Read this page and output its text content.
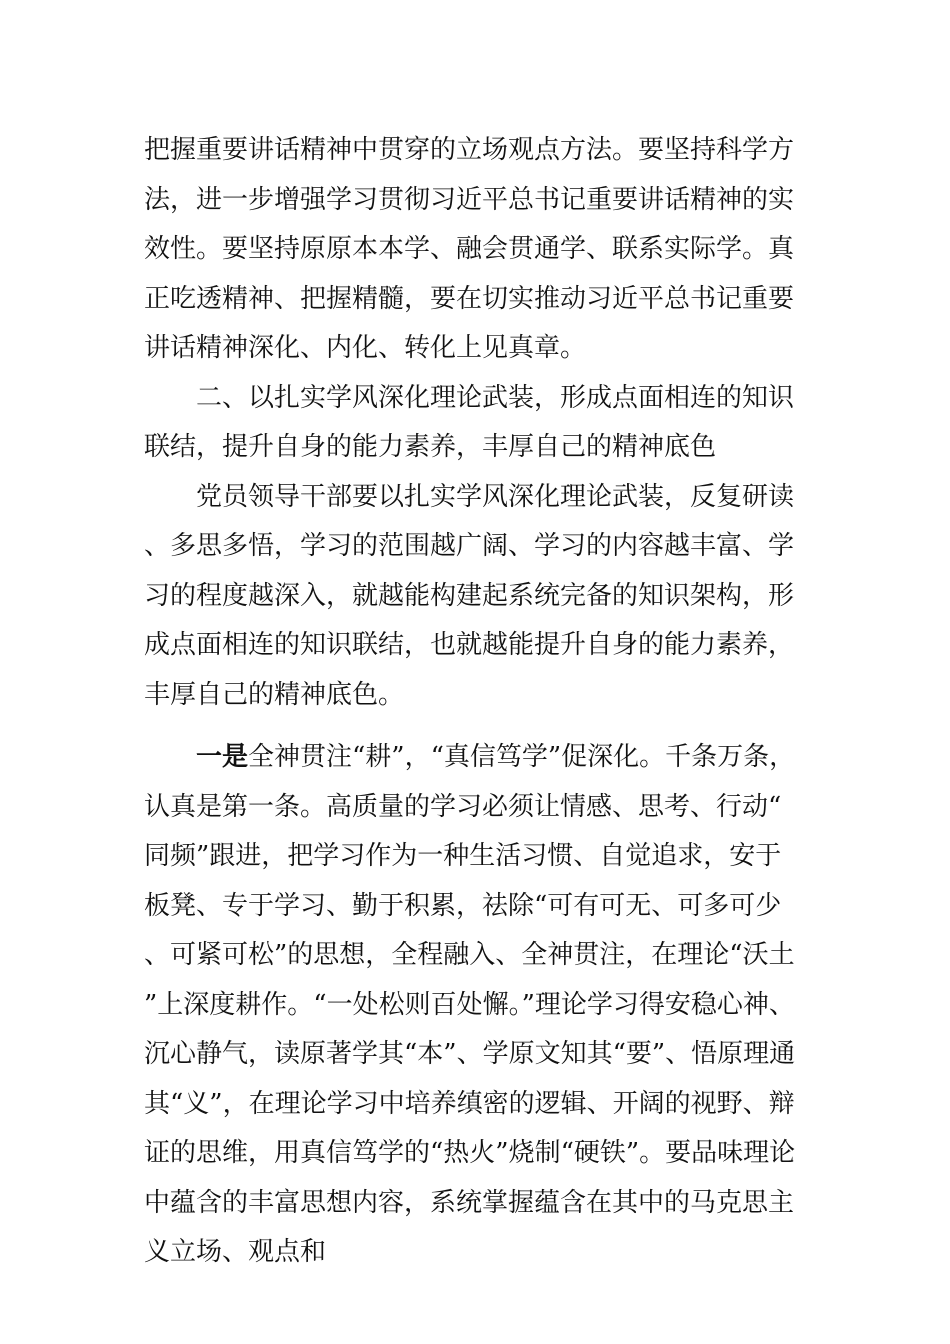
把握重要讲话精神中贯穿的立场观点方法。要坚持科学方法，进一步增强学习贯彻习近平总书记重要讲话精神的实效性。要坚持原原本本学、融会贯通学、联系实际学。真正吃透精神、把握精髓，要在切实推动习近平总书记重要讲话精神深化、内化、转化上见真章。

二、以扎实学风深化理论武装，形成点面相连的知识联结，提升自身的能力素养，丰厚自己的精神底色

党员领导干部要以扎实学风深化理论武装，反复研读、多思多悟，学习的范围越广阔、学习的内容越丰富、学习的程度越深入，就越能构建起系统完备的知识架构，形成点面相连的知识联结，也就越能提升自身的能力素养，丰厚自己的精神底色。

一是全神贯注“耕”，“真信笃学”促深化。千条万条，认真是第一条。高质量的学习必须让情感、思考、行动“同频”跟进，把学习作为一种生活习惯、自觉追求，安于板凳、专于学习、勤于积累，祛除“可有可无、可多可少、可紧可松”的思想，全程融入、全神贯注，在理论“沃土”上深度耕作。“一处松则百处懈。”理论学习得安稳心神、沉心静气，读原著学其“本”、学原文知其“要”、悟原理通其“义”，在理论学习中培养缜密的逻辑、开阔的视野、辩证的思维，用真信笃学的“热火”烧制“硬铁”。要品味理论中蕴含的丰富思想内容，系统掌握蕴含在其中的马克思主义立场、观点和
